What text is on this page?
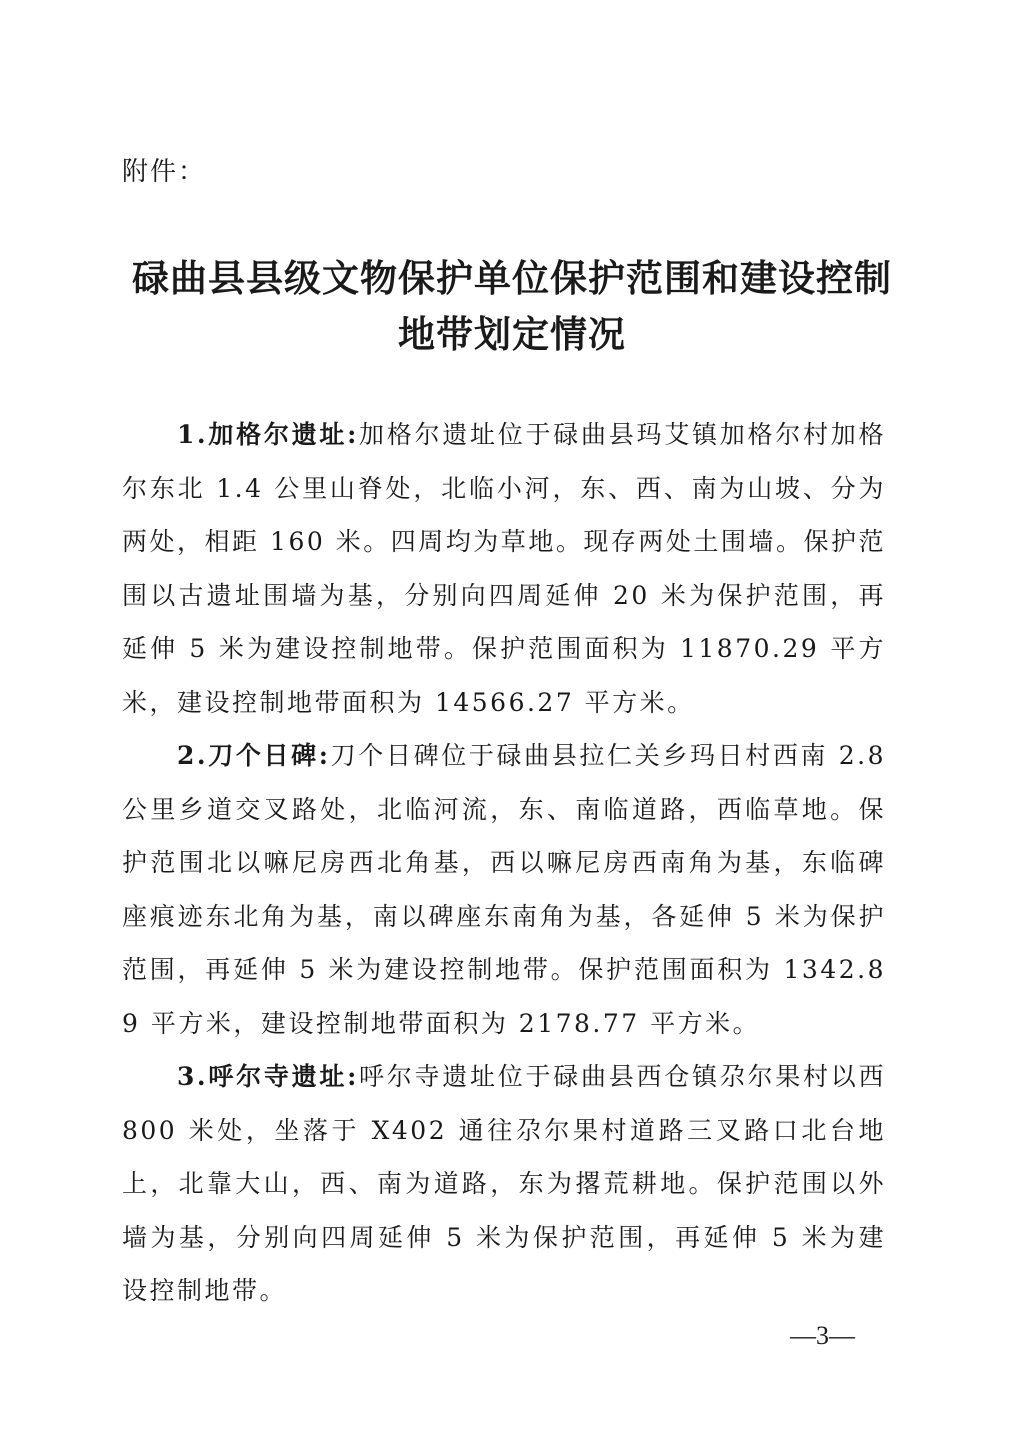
附件：
碌曲县县级文物保护单位保护范围和建设控制
地带划定情况

1.加格尔遗址:加格尔遗址位于碌曲县玛艾镇加格尔村加格尔东北 1.4 公里山脊处，北临小河，东、西、南为山坡、分为两处，相距 160 米。四周均为草地。现存两处土围墙。保护范围以古遗址围墙为基，分别向四周延伸 20 米为保护范围，再延伸 5 米为建设控制地带。保护范围面积为 11870.29 平方米，建设控制地带面积为 14566.27 平方米。

2.刀个日碑:刀个日碑位于碌曲县拉仁关乡玛日村西南 2.8 公里乡道交叉路处，北临河流，东、南临道路，西临草地。保护范围北以嘛尼房西北角基，西以嘛尼房西南角为基，东临碑座痕迹东北角为基，南以碑座东南角为基，各延伸 5 米为保护范围，再延伸 5 米为建设控制地带。保护范围面积为 1342.89 平方米，建设控制地带面积为 2178.77 平方米。

3.呼尔寺遗址:呼尔寺遗址位于碌曲县西仓镇尕尔果村以西 800 米处，坐落于 X402 通往尕尔果村道路三叉路口北台地上，北靠大山，西、南为道路，东为撂荒耕地。保护范围以外墙为基，分别向四周延伸 5 米为保护范围，再延伸 5 米为建设控制地带。

—3—
